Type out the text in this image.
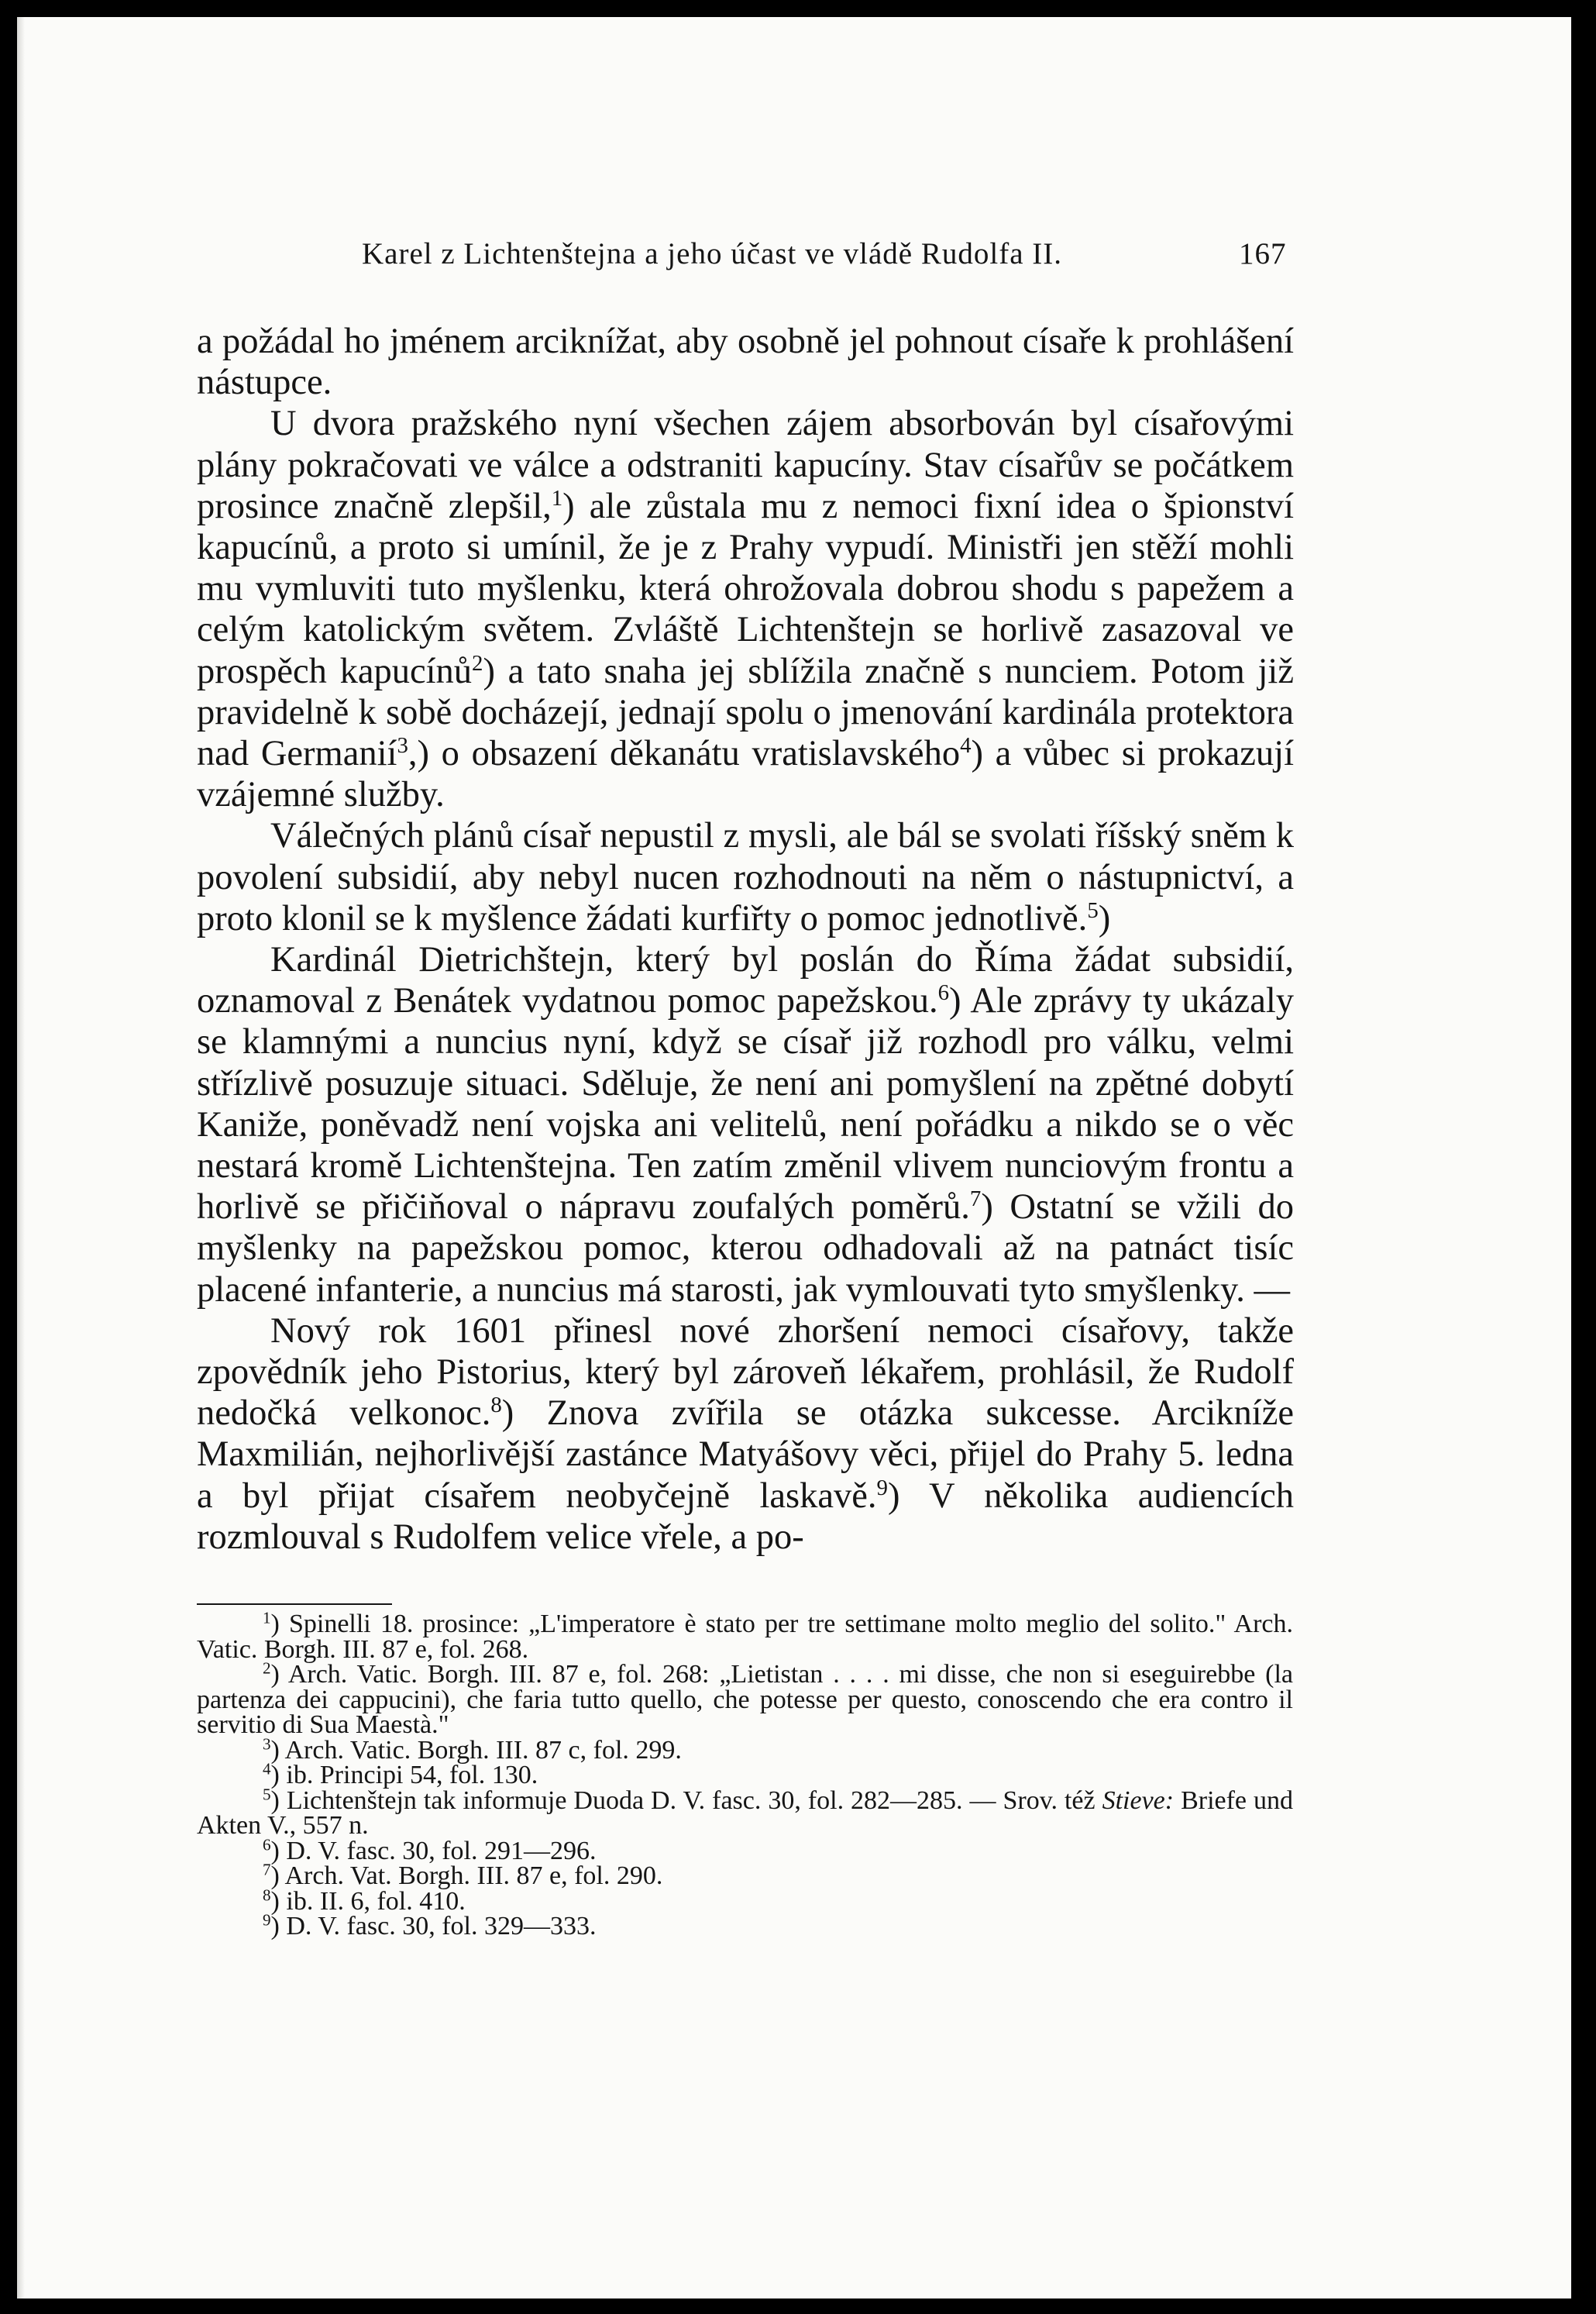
Karel z Lichtenštejna a jeho účast ve vládě Rudolfa II.	167

a požádal ho jménem arciknížat, aby osobně jel pohnout císaře k prohlášení nástupce.

U dvora pražského nyní všechen zájem absorbován byl císařovými plány pokračovati ve válce a odstraniti kapucíny. Stav císařův se počátkem prosince značně zlepšil,$^1$) ale zůstala mu z nemoci fixní idea o špionství kapucínů, a proto si umínil, že je z Prahy vypudí. Ministři jen stěží mohli mu vymluviti tuto myšlenku, která ohrožovala dobrou shodu s papežem a celým katolickým světem. Zvláště Lichtenštejn se horlivě zasazoval ve prospěch kapucínů$^2$) a tato snaha jej sblížila značně s nunciem. Potom již pravidelně k sobě docházejí, jednají spolu o jmenování kardinála protektora nad Germanií$^3$,) o obsazení děkanátu vratislavského$^4$) a vůbec si prokazují vzájemné služby.

Válečných plánů císař nepustil z mysli, ale bál se svolati říšský sněm k povolení subsidií, aby nebyl nucen rozhodnouti na něm o nástupnictví, a proto klonil se k myšlence žádati kurfiřty o pomoc jednotlivě.$^5$)

Kardinál Dietrichštejn, který byl poslán do Říma žádat subsidií, oznamoval z Benátek vydatnou pomoc papežskou.$^6$) Ale zprávy ty ukázaly se klamnými a nuncius nyní, když se císař již rozhodl pro válku, velmi střízlivě posuzuje situaci. Sděluje, že není ani pomyšlení na zpětné dobytí Kaniže, poněvadž není vojska ani velitelů, není pořádku a nikdo se o věc nestará kromě Lichtenštejna. Ten zatím změnil vlivem nunciovým frontu a horlivě se přičiňoval o nápravu zoufalých poměrů.$^7$) Ostatní se vžili do myšlenky na papežskou pomoc, kterou odhadovali až na patnáct tisíc placené infanterie, a nuncius má starosti, jak vymlouvati tyto smyšlenky. —

Nový rok 1601 přinesl nové zhoršení nemoci císařovy, takže zpovědník jeho Pistorius, který byl zároveň lékařem, prohlásil, že Rudolf nedočká velkonoc.$^8$) Znova zvířila se otázka sukcesse. Arcikníže Maxmilián, nejhorlivější zastánce Matyášovy věci, přijel do Prahy 5. ledna a byl přijat císařem neobyčejně laskavě.$^9$) V několika audiencích rozmlouval s Rudolfem velice vřele, a po-

$^1$) Spinelli 18. prosince: „L'imperatore è stato per tre settimane molto meglio del solito." Arch. Vatic. Borgh. III. 87 e, fol. 268.

$^2$) Arch. Vatic. Borgh. III. 87 e, fol. 268: „Lietistan . . . . mi disse, che non si eseguirebbe (la partenza dei cappucini), che faria tutto quello, che potesse per questo, conoscendo che era contro il servitio di Sua Maestà."

$^3$) Arch. Vatic. Borgh. III. 87 c, fol. 299.

$^4$) ib. Principi 54, fol. 130.

$^5$) Lichtenštejn tak informuje Duoda D. V. fasc. 30, fol. 282—285. — Srov. též Stieve: Briefe und Akten V., 557 n.

$^6$) D. V. fasc. 30, fol. 291—296.

$^7$) Arch. Vat. Borgh. III. 87 e, fol. 290.

$^8$) ib. II. 6, fol. 410.

$^9$) D. V. fasc. 30, fol. 329—333.
